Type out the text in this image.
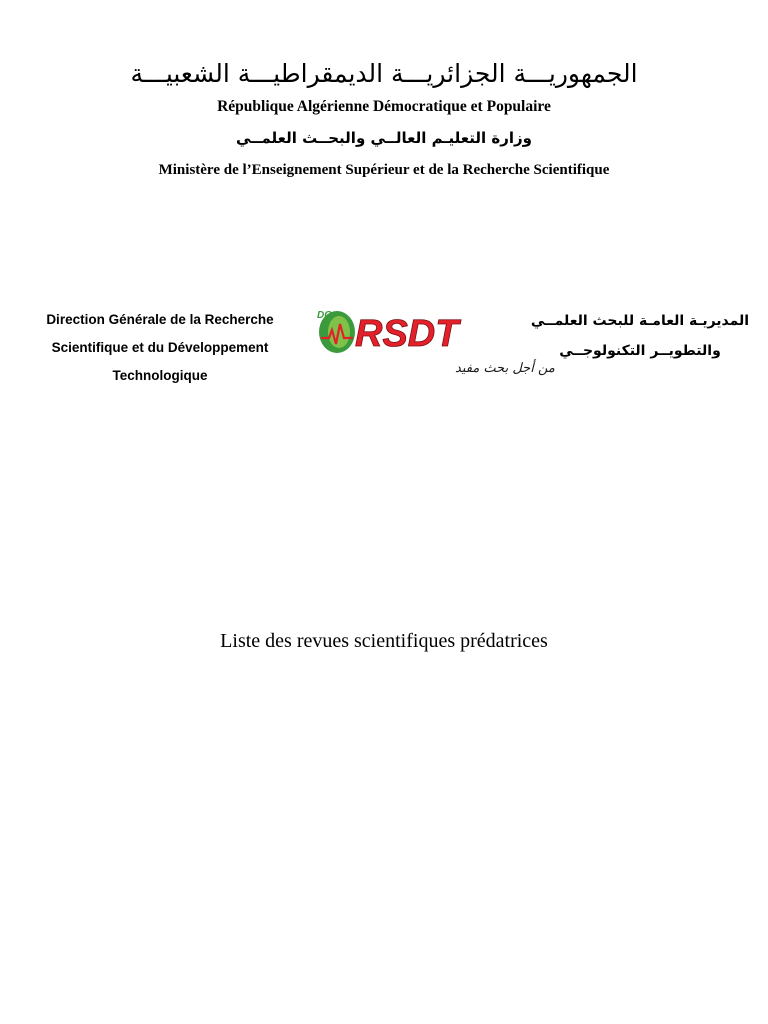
الجمهوريـــة الجزائريـــة الديمقراطيـــة الشعبيـــة
République Algérienne Démocratique et Populaire
وزارة التعليـم العالــي والبحــث العلمــي
Ministère de l’Enseignement Supérieur et de la Recherche Scientifique
Direction Générale de la Recherche
Scientifique et du Développement
Technologique
DG RSDT
من أجل بحث مفيد
المديريـة العامـة للبحث العلمــي
والتطويــر التكنولوجــي
Liste des revues scientifiques prédatrices
